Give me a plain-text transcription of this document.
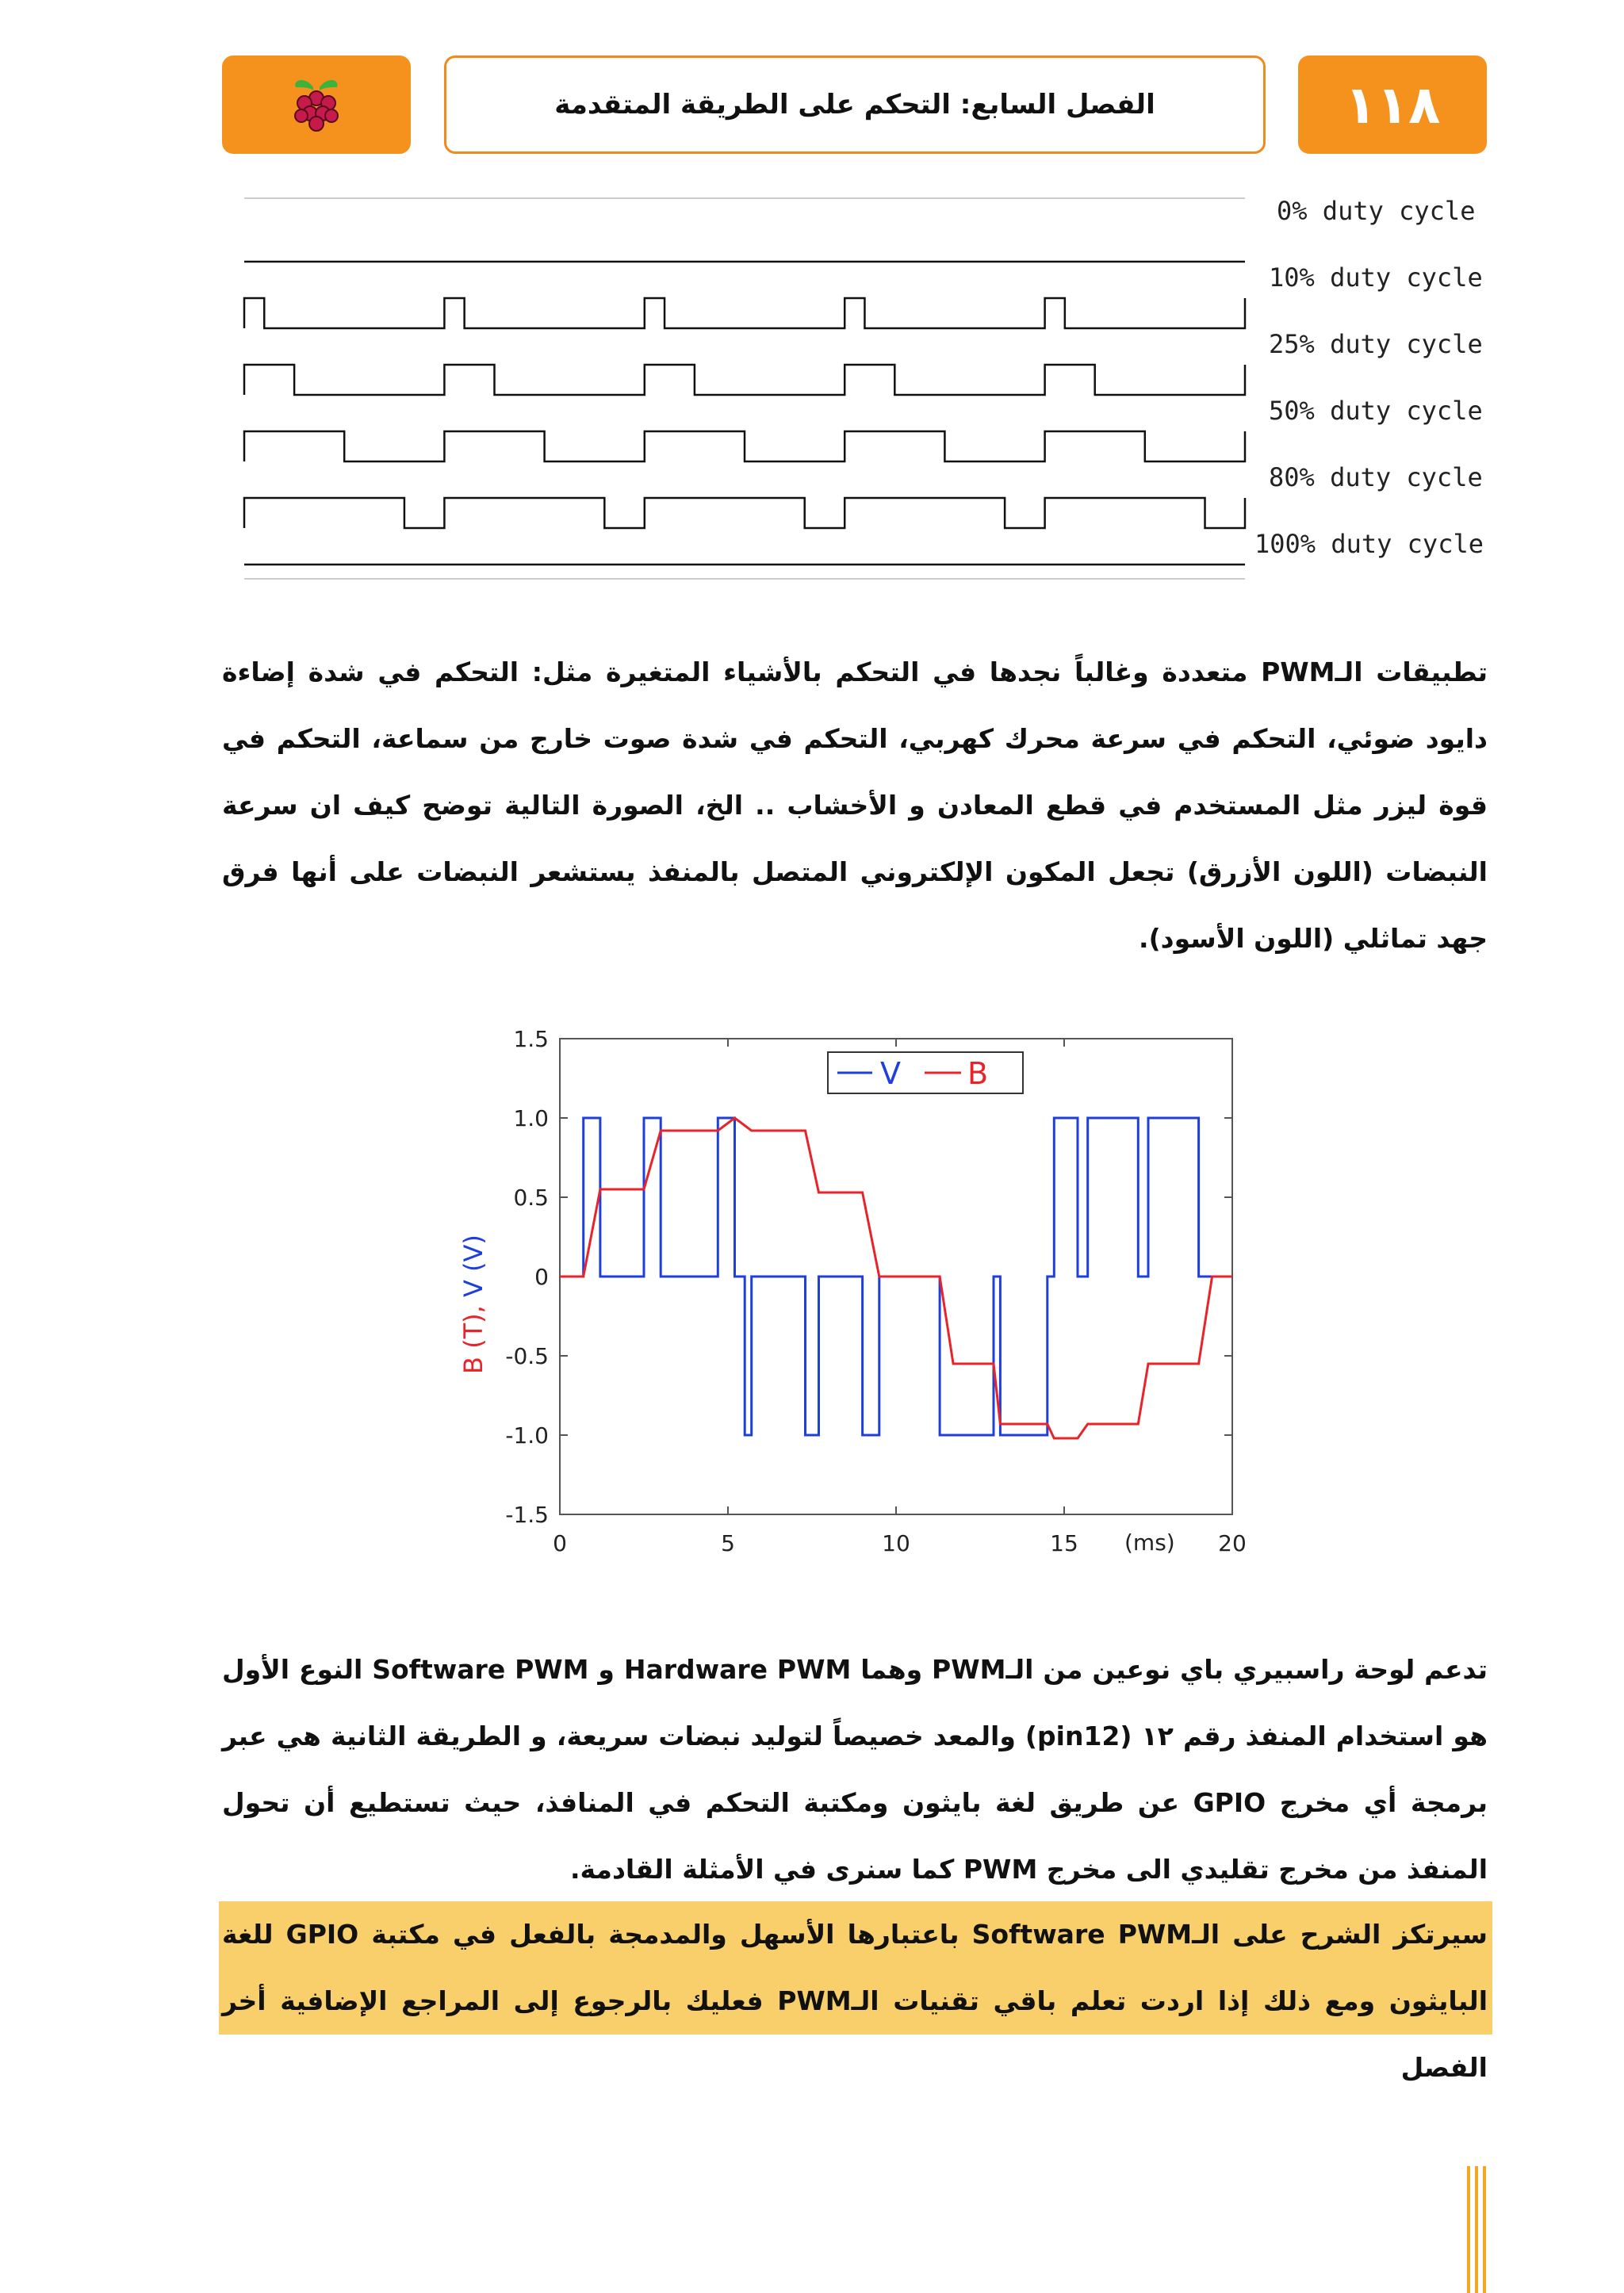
الفصل السابع: التحكم على الطريقة المتقدمة	١١٨
0% duty cycle
10% duty cycle
25% duty cycle
50% duty cycle
80% duty cycle
100% duty cycle

تطبيقات الـPWM متعددة وغالباً نجدها في التحكم بالأشياء المتغيرة مثل: التحكم في شدة إضاءة دايود ضوئي، التحكم في سرعة محرك كهربي، التحكم في شدة صوت خارج من سماعة، التحكم في قوة ليزر مثل المستخدم في قطع المعادن و الأخشاب .. الخ، الصورة التالية توضح كيف ان سرعة النبضات (اللون الأزرق) تجعل المكون الإلكتروني المتصل بالمنفذ يستشعر النبضات على أنها فرق جهد تماثلي (اللون الأسود).

1.5
1.0
0.5
0
-0.5
-1.0
-1.5
0	5	10	15	20
V B
(ms)
B (T), V (V)

تدعم لوحة راسبيري باي نوعين من الـPWM وهما Hardware PWM و Software PWM النوع الأول هو استخدام المنفذ رقم ١٢ (pin12) والمعد خصيصاً لتوليد نبضات سريعة، و الطريقة الثانية هي عبر برمجة أي مخرج GPIO عن طريق لغة بايثون ومكتبة التحكم في المنافذ، حيث تستطيع أن تحول المنفذ من مخرج تقليدي الى مخرج PWM كما سنرى في الأمثلة القادمة.

سيرتكز الشرح على الـSoftware PWM باعتبارها الأسهل والمدمجة بالفعل في مكتبة GPIO للغة البايثون ومع ذلك إذا اردت تعلم باقي تقنيات الـPWM فعليك بالرجوع إلى المراجع الإضافية أخر الفصل
